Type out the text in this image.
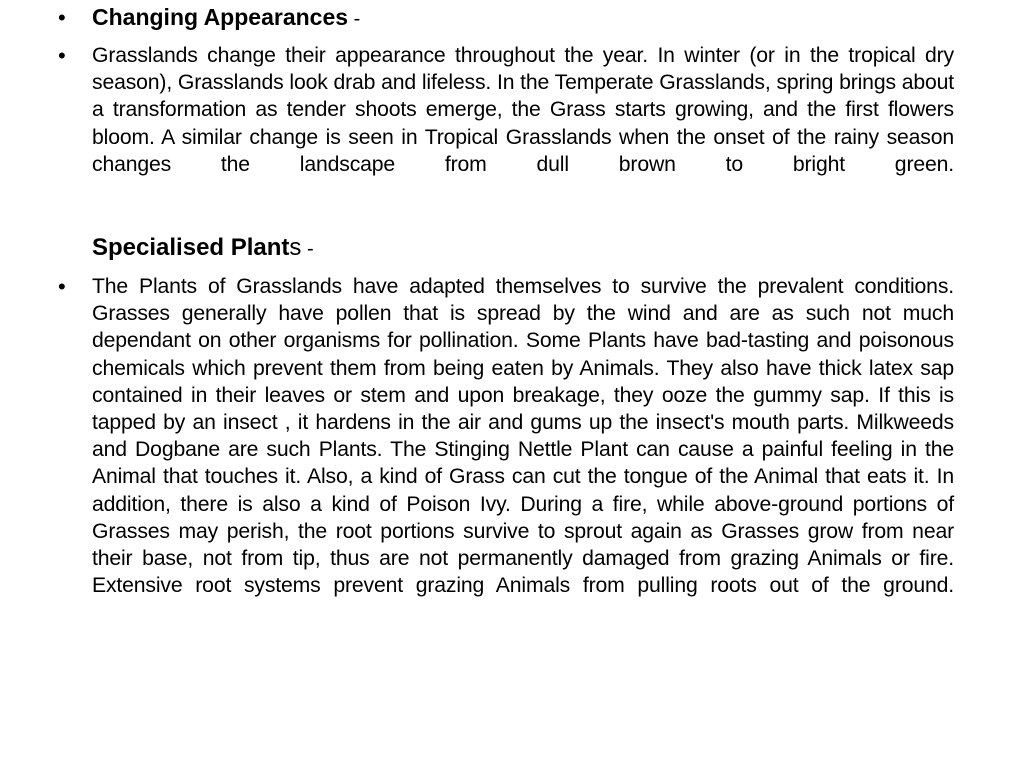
•	Changing Appearances -
•	Grasslands change their appearance throughout the year. In winter (or in the tropical dry season), Grasslands look drab and lifeless. In the Temperate Grasslands, spring brings about a transformation as tender shoots emerge, the Grass starts growing, and the first flowers bloom. A similar change is seen in Tropical Grasslands when the onset of the rainy season changes the landscape from dull brown to bright green.
Specialised Plants -
•	The Plants of Grasslands have adapted themselves to survive the prevalent conditions. Grasses generally have pollen that is spread by the wind and are as such not much dependant on other organisms for pollination. Some Plants have bad-tasting and poisonous chemicals which prevent them from being eaten by Animals. They also have thick latex sap contained in their leaves or stem and upon breakage, they ooze the gummy sap. If this is tapped by an insect , it hardens in the air and gums up the insect's mouth parts. Milkweeds and Dogbane are such Plants. The Stinging Nettle Plant can cause a painful feeling in the Animal that touches it. Also, a kind of Grass can cut the tongue of the Animal that eats it. In addition, there is also a kind of Poison Ivy. During a fire, while above-ground portions of Grasses may perish, the root portions survive to sprout again as Grasses grow from near their base, not from tip, thus are not permanently damaged from grazing Animals or fire. Extensive root systems prevent grazing Animals from pulling roots out of the ground.
